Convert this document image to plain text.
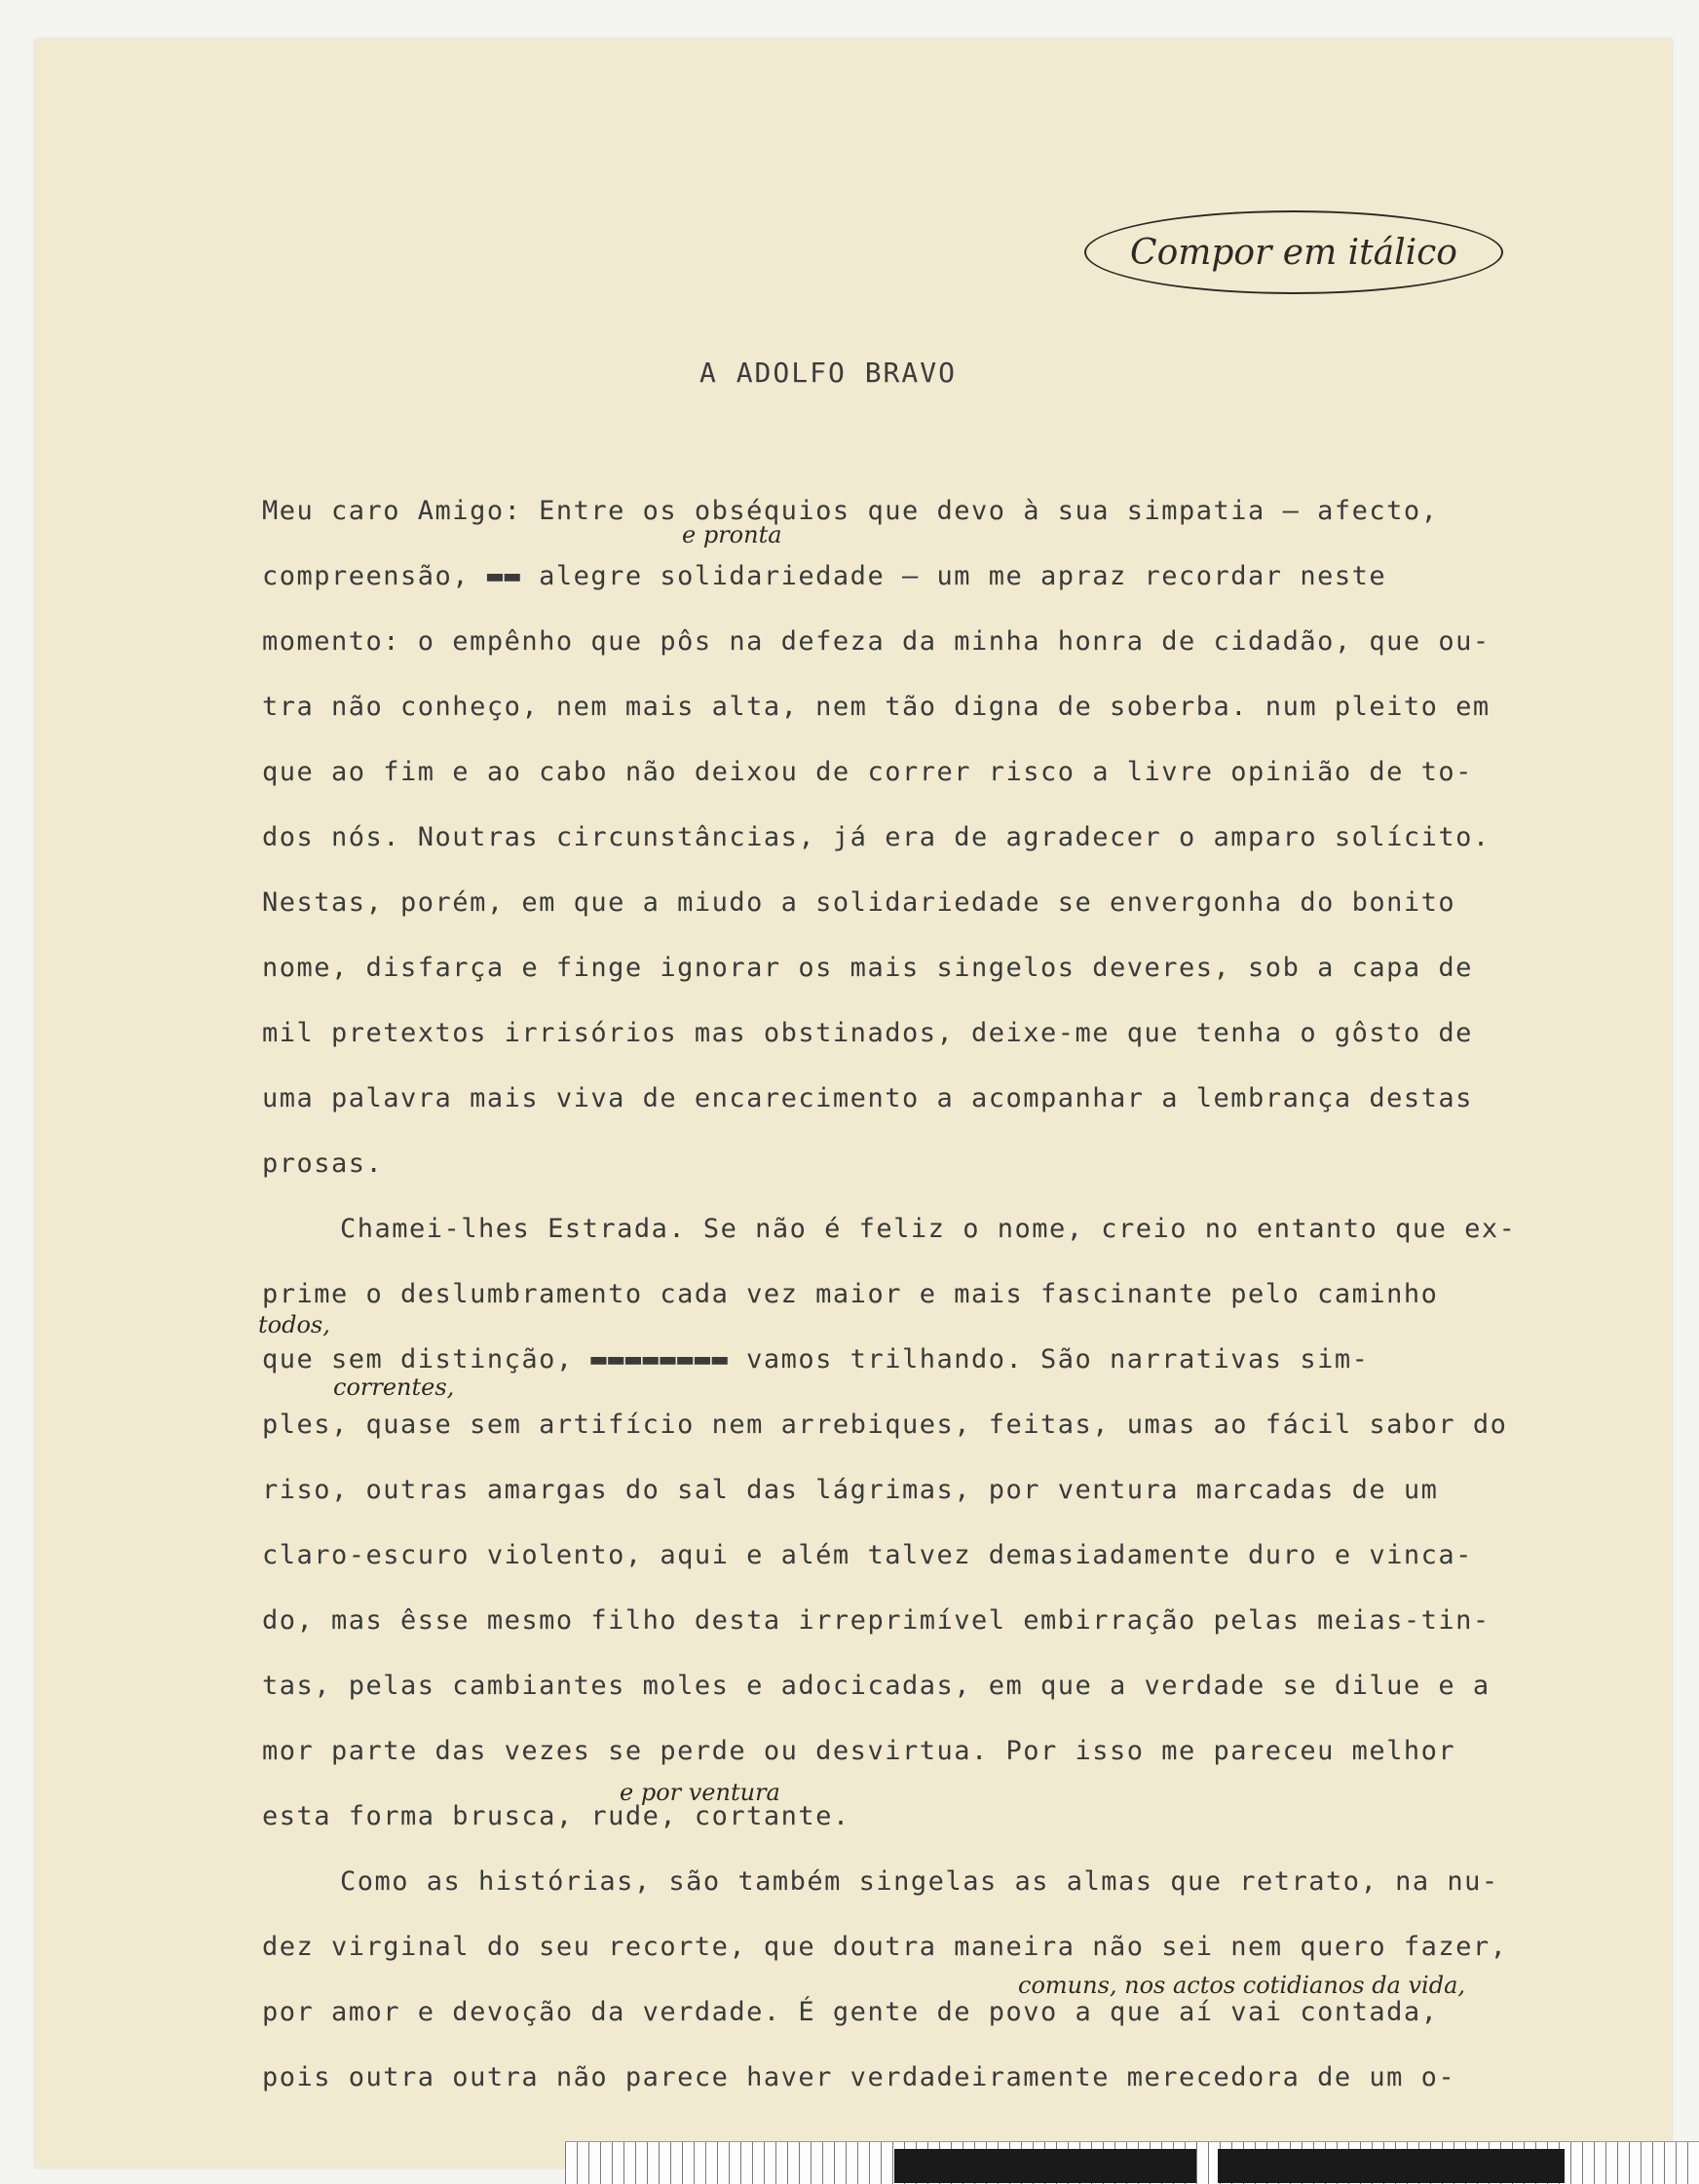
Compor em itálico
A ADOLFO BRAVO
Meu caro Amigo: Entre os obséquios que devo à sua simpatia — afecto,
compreensão, ▬▬ alegre solidariedade — um me apraz recordar neste
momento: o empênho que pôs na defeza da minha honra de cidadão, que ou-
tra não conheço, nem mais alta, nem tão digna de soberba. num pleito em
que ao fim e ao cabo não deixou de correr risco a livre opinião de to-
dos nós. Noutras circunstâncias, já era de agradecer o amparo solícito.
Nestas, porém, em que a miudo a solidariedade se envergonha do bonito
nome, disfarça e finge ignorar os mais singelos deveres, sob a capa de
mil pretextos irrisórios mas obstinados, deixe-me que tenha o gôsto de
uma palavra mais viva de encarecimento a acompanhar a lembrança destas
prosas.
Chamei-lhes Estrada. Se não é feliz o nome, creio no entanto que ex-
prime o deslumbramento cada vez maior e mais fascinante pelo caminho
que sem distinção, ▬▬▬▬▬▬▬▬ vamos trilhando. São narrativas sim-
ples, quase sem artifício nem arrebiques, feitas, umas ao fácil sabor do
riso, outras amargas do sal das lágrimas, por ventura marcadas de um
claro-escuro violento, aqui e além talvez demasiadamente duro e vinca-
do, mas êsse mesmo filho desta irreprimível embirração pelas meias-tin-
tas, pelas cambiantes moles e adocicadas, em que a verdade se dilue e a
mor parte das vezes se perde ou desvirtua. Por isso me pareceu melhor
esta forma brusca, rude, cortante.
Como as histórias, são também singelas as almas que retrato, na nu-
dez virginal do seu recorte, que doutra maneira não sei nem quero fazer,
por amor e devoção da verdade. É gente de povo a que aí vai contada,
pois outra outra não parece haver verdadeiramente merecedora de um o-
e pronta
todos,
correntes,
e por ventura
comuns, nos actos cotidianos da vida,
